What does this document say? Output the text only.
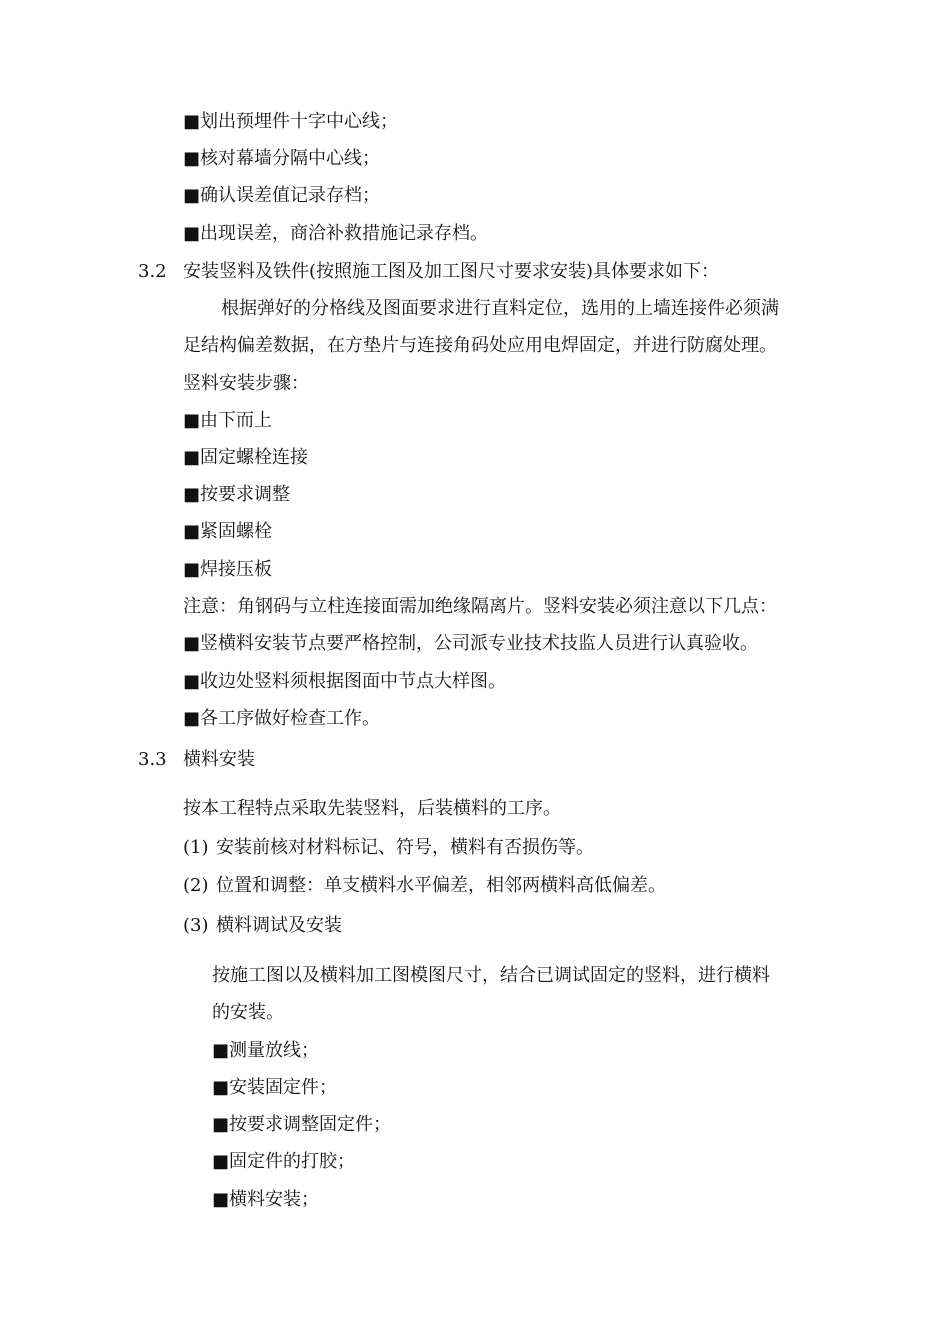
■划出预埋件十字中心线；
■核对幕墙分隔中心线；
■确认误差值记录存档；
■出现误差，商洽补救措施记录存档。
3.2 安装竖料及铁件(按照施工图及加工图尺寸要求安装)具体要求如下：
根据弹好的分格线及图面要求进行直料定位，选用的上墙连接件必须满
足结构偏差数据，在方垫片与连接角码处应用电焊固定，并进行防腐处理。
竖料安装步骤：
■由下而上
■固定螺栓连接
■按要求调整
■紧固螺栓
■焊接压板
注意：角钢码与立柱连接面需加绝缘隔离片。竖料安装必须注意以下几点：
■竖横料安装节点要严格控制，公司派专业技术技监人员进行认真验收。
■收边处竖料须根据图面中节点大样图。
■各工序做好检查工作。
3.3 横料安装
按本工程特点采取先装竖料，后装横料的工序。
(1) 安装前核对材料标记、符号，横料有否损伤等。
(2) 位置和调整：单支横料水平偏差，相邻两横料高低偏差。
(3) 横料调试及安装
按施工图以及横料加工图模图尺寸，结合已调试固定的竖料，进行横料
的安装。
■测量放线；
■安装固定件；
■按要求调整固定件；
■固定件的打胶；
■横料安装；
